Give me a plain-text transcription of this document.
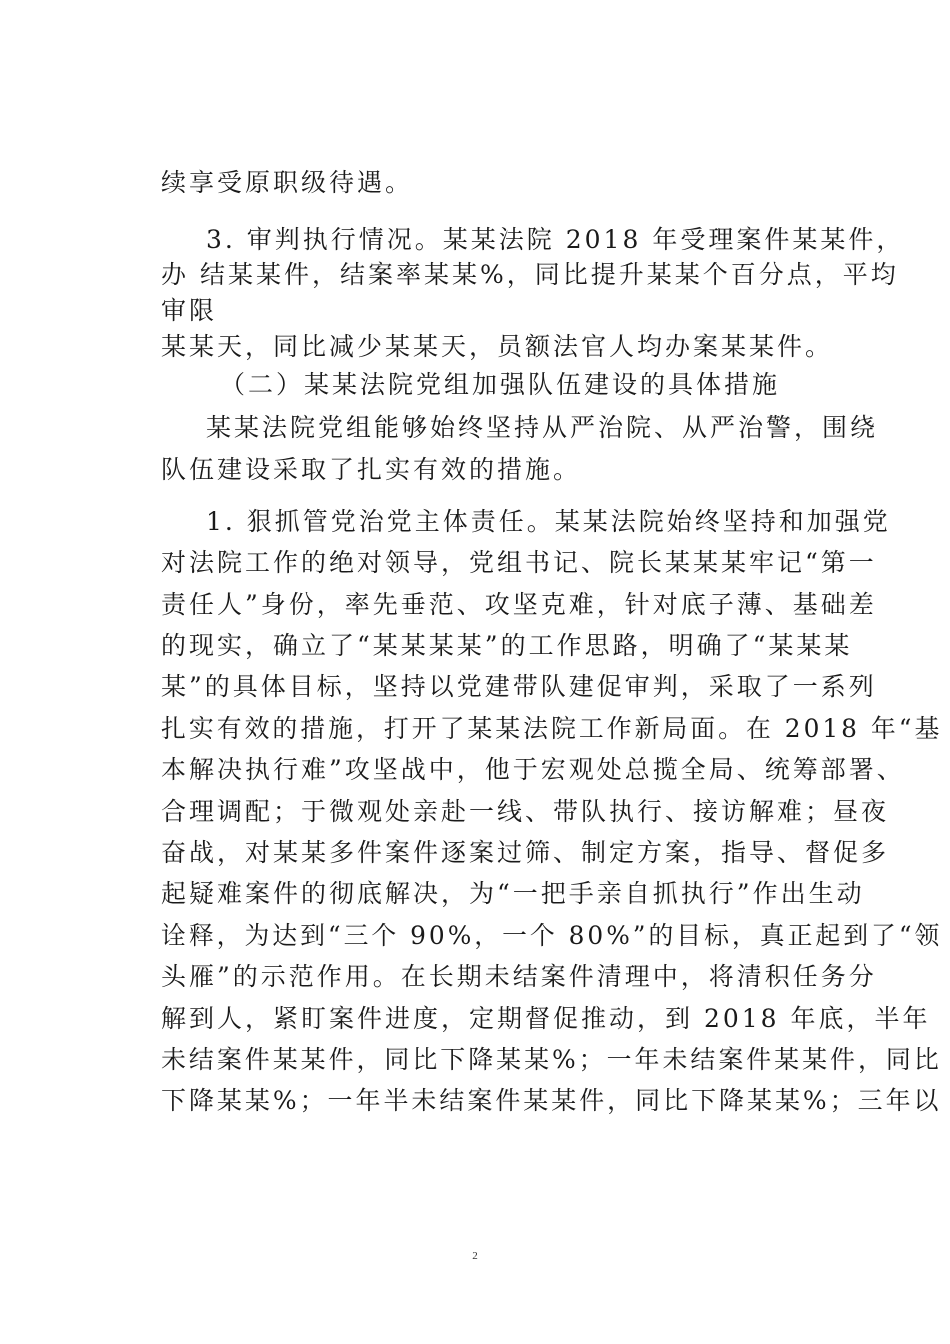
续享受原职级待遇。
3. 审判执行情况。某某法院 2018 年受理案件某某件，
办 结某某件，结案率某某%，同比提升某某个百分点，平均
审限
某某天，同比减少某某天，员额法官人均办案某某件。
（二）某某法院党组加强队伍建设的具体措施
某某法院党组能够始终坚持从严治院、从严治警，围绕
队伍建设采取了扎实有效的措施。
1. 狠抓管党治党主体责任。某某法院始终坚持和加强党
对法院工作的绝对领导，党组书记、院长某某某牢记“第一
责任人”身份，率先垂范、攻坚克难，针对底子薄、基础差
的现实，确立了“某某某某”的工作思路，明确了“某某某
某”的具体目标，坚持以党建带队建促审判，采取了一系列
扎实有效的措施，打开了某某法院工作新局面。在 2018 年“基
本解决执行难”攻坚战中，他于宏观处总揽全局、统筹部署、
合理调配；于微观处亲赴一线、带队执行、接访解难；昼夜
奋战，对某某多件案件逐案过筛、制定方案，指导、督促多
起疑难案件的彻底解决，为“一把手亲自抓执行”作出生动
诠释，为达到“三个 90%，一个 80%”的目标，真正起到了“领
头雁”的示范作用。在长期未结案件清理中，将清积任务分
解到人，紧盯案件进度，定期督促推动，到 2018 年底，半年
未结案件某某件，同比下降某某%；一年未结案件某某件，同比
下降某某%；一年半未结案件某某件，同比下降某某%；三年以
2
